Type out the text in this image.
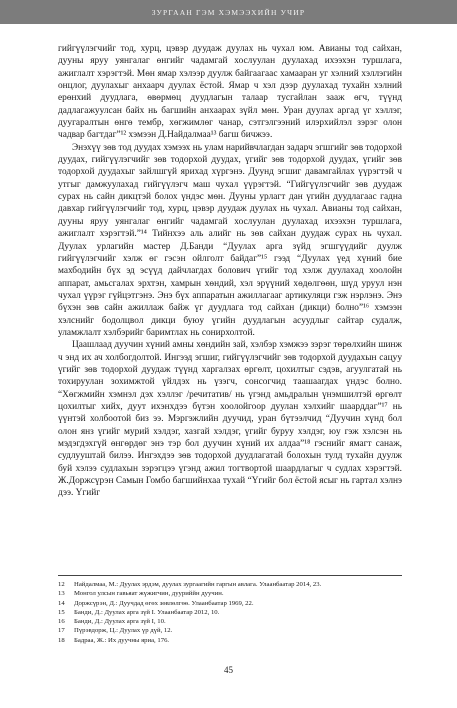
ЗУРГААН ГЭМ ХЭМЭЭХИЙН УЧИР

гийгүүлэгчийг тод, хурц, цэвэр дуудаж дуулах нь чухал юм. Авианы тод сайхан, дууны яруу уянгалаг өнгийг чадамгай хослуулан дуулахад ихээхэн туршлага, ажиглалт хэрэгтэй. Мөн ямар хэлээр дуулж байгаагаас хамааран уг хэлний хэллэгийн онцлог, дуулахыг анхаарч дуулах ёстой. Ямар ч хэл дээр дуулахад тухайн хэлний ерөнхий дуудлага, өвөрмөц дуудлагын талаар тусгайлан зааж өгч, түүнд дадлагажуулсан байх нь багшийн анхаарах зүйл мөн. Уран дуулах аргад үг хэллэг, дуугаралтын өнгө тембр, хөгжимлөг чанар, сэтгэлгээний илэрхийлэл зэрэг олон чадвар багтдаг”¹² хэмээн Д.Найдалмаа¹³ багш бичжээ.

Энэхүү зөв тод дуудах хэмээх нь улам нарийвчлагдан задарч эгшгийг зөв тодорхой дуудах, гийгүүлэгчийг зөв тодорхой дуудах, үгийг зөв тодорхой дуудах, үгийг зөв тодорхой дуудахыг зайлшгүй ярихад хүргэнэ. Дуунд эгшиг давамгайлах үүрэгтэй ч утгыг дамжуулахад гийгүүлэгч маш чухал үүрэгтэй. “Гийгүүлэгчийг зөв дуудаж сурах нь сайн дикцтэй болох үндэс мөн. Дууны урлагт дан үгийн дуудлагаас гадна давхар гийгүүлэгчийг тод, хурц, цэвэр дуудаж дуулах нь чухал. Авианы тод сайхан, дууны яруу уянгалаг өнгийг чадамгай хослуулан дуулахад ихээхэн туршлага, ажиглалт хэрэгтэй.”¹⁴ Тийнхээ аль алийг нь зөв сайхан дуудаж сурах нь чухал. Дуулах урлагийн мастер Д.Банди “Дуулах арга зүйд эгшгүүдийг дуулж гийгүүлэгчийг хэлж өг гэсэн ойлголт байдаг”¹⁵ гээд “Дуулах үед хүний бие махбодийн бүх эд эсүүд дайчлагдах болович үгийг тод хэлж дуулахад хоолойн аппарат, амьсгалах эрхтэн, хамрын хөндий, хэл эрүүний хөдөлгөөн, шүд уруул нэн чухал үүрэг гүйцэтгэнэ. Энэ бүх аппаратын ажиллагааг артикуляци гэж нэрлэнэ. Энэ бүхэн зөв сайн ажиллаж байж үг дуудлага тод сайхан (дикци) болно”¹⁶ хэмээн хэлснийг бодолцвол дикци буюу үгийн дуудлагын асуудлыг сайтар судалж, уламжлалт хэлбэрийг баримтлах нь сонирхолтой.

Цаашлаад дуучин хүний амны хөндийн зай, хэлбэр хэмжээ зэрэг төрөлхийн шинж ч энд их ач холбогдолтой. Ингээд эгшиг, гийгүүлэгчийг зөв тодорхой дуудахын сацуу үгийг зөв тодорхой дуудаж түүнд харгалзах өргөлт, цохилтыг сэдэв, агуулгатай нь тохируулан зохимжтой үйлдэх нь үзэгч, сонсогчид таашаагдах үндэс болно. “Хөгжмийн хэмнэл дэх хэллэг /речитатив/ нь үгэнд амьдралын үнэмшилтэй өргөлт цохилтыг хийх, дуут ихэнхдээ бүтэн хоолойгоор дуулан хэлхийг шаарддаг”¹⁷ нь үүнтэй холбоотой биз ээ. Мэргэжлийн дуучид, уран бүтээлчид “Дуучин хүнд бол олон янз үгийг мурий хэлдэг, хазгай хэлдэг, үгийг буруу хэлдэг, юу гэж хэлсэн нь мэдэгдэхгүй өнгөрдөг энэ тэр бол дуучин хүний их алдаа”¹⁸ гэснийг ямагт санаж, судлууштай билээ. Ингэхдээ зөв тодорхой дуудлагатай болохын тулд тухайн дуулж буй хэлээ судлахын зэрэгцээ үгэнд ажил тогтвортой шаардлагыг ч судлах хэрэгтэй. Ж.Доржсүрэн Самын Гомбо багшийнхаа тухай “Үгийг бол ёстой ясыг нь гартал хэлнэ дээ. Үгийг

12	Найдалмаа, М.: Дуулах эрдэм, дуулах зургаагийн гаргын авлага. Улаанбаатар 2014, 23.
13	Монгол улсын гавьяат жүжигчин, дууриййн дуучин.
14	Доржсүрэн, Д.: Дуучдад өгөх зөвлөлгөө. Улаанбаатар 1969, 22.
15	Банди, Д.: Дуулах арга зүй I. Улаанбаатар 2012, 10.
16	Банди, Д.: Дуулах арга зүй I, 10.
17	Пүрэвдорж, Ц.: Дуулах үр дүй, 12.
18	Бадраа, Ж.: Их дуучны яриа, 176.
45
